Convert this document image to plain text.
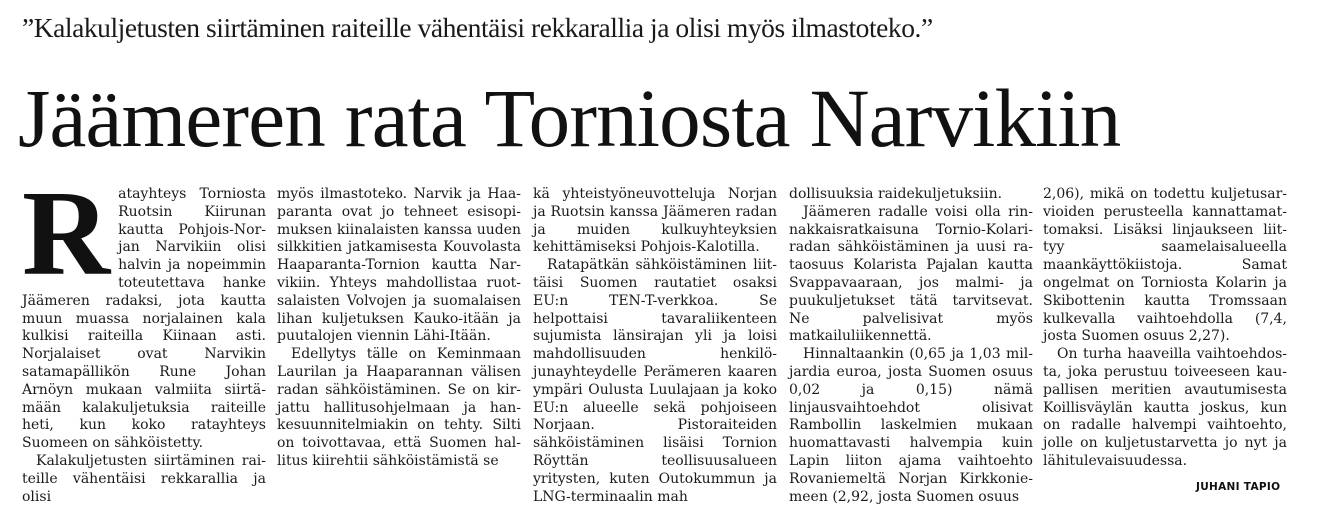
”Kalakuljetusten siirtäminen raiteille vähentäisi rekkarallia ja olisi myös ilmastoteko.”
Jäämeren rata Torniosta Narvikiin
R atayhteys Torniosta Ruotsin Kiirunan kautta Pohjois-Norjan Narvikiin olisi halvin ja nopeimmin toteutettava hanke Jäämeren radaksi, jota kautta muun muassa norjalainen kala kulkisi raiteilla Kiinaan asti. Norjalaiset ovat Narvikin satamapällikön Rune Johan Arnöyn mukaan valmiita siirtämään kalakuljetuksia raiteille heti, kun koko ratayhteys Suomeen on sähköistetty.

Kalakuljetusten siirtäminen raiteille vähentäisi rekkarallia ja olisi

myös ilmastoteko. Narvik ja Haaparanta ovat jo tehneet esisopimuksen kiinalaisten kanssa uuden silkkitien jatkamisesta Kouvolasta Haaparanta-Tornion kautta Narvikiin. Yhteys mahdollistaa ruotsalaisten Volvojen ja suomalaisen lihan kuljetuksen Kauko-itään ja puutalojen viennin Lähi-Itään.

Edellytys tälle on Keminmaan Laurilan ja Haaparannan välisen radan sähköistäminen. Se on kirjattu hallitusohjelmaan ja hankesuunnitelmiakin on tehty. Silti on toivottavaa, että Suomen hallitus kiirehtii sähköistämistä se

kä yhteistyöneuvotteluja Norjan ja Ruotsin kanssa Jäämeren radan ja muiden kulkuyhteyksien kehittämiseksi Pohjois-Kalotilla.

Ratapätkän sähköistäminen liittäisi Suomen rautatiet osaksi EU:n TEN-T-verkkoa. Se helpottaisi tavaraliikenteen sujumista länsirajan yli ja loisi mahdollisuuden henkilöjunayhteydelle Perämeren kaaren ympäri Oulusta Luulajaan ja koko EU:n alueelle sekä pohjoiseen Norjaan. Pistoraiteiden sähköistäminen lisäisi Tornion Röyttän teollisuusalueen yritysten, kuten Outokummun ja LNG-terminaalin mah

dollisuuksia raidekuljetuksiin.

Jäämeren radalle voisi olla rinnakkaisratkaisuna Tornio-Kolariradan sähköistäminen ja uusi rataosuus Kolarista Pajalan kautta Svappavaaraan, jos malmi- ja puukuljetukset tätä tarvitsevat. Ne palvelisivat myös matkailuliikennettä.

Hinnaltaankin (0,65 ja 1,03 miljardia euroa, josta Suomen osuus 0,02 ja 0,15) nämä linjausvaihtoehdot olisivat Rambollin laskelmien mukaan huomattavasti halvempia kuin Lapin liiton ajama vaihtoehto Rovaniemeltä Norjan Kirkkoniemeen (2,92, josta Suomen osuus

2,06), mikä on todettu kuljetusarvioiden perusteella kannattamattomaksi. Lisäksi linjaukseen liittyy saamelaisalueella maankäyttökiistoja. Samat ongelmat on Torniosta Kolarin ja Skibottenin kautta Tromssaan kulkevalla vaihtoehdolla (7,4, josta Suomen osuus 2,27).

On turha haaveilla vaihtoehdosta, joka perustuu toiveeseen kaupallisen meritien avautumisesta Koillisväylän kautta joskus, kun on radalle halvempi vaihtoehto, jolle on kuljetustarvetta jo nyt ja lähitulevaisuudessa.

JUHANI TAPIO
